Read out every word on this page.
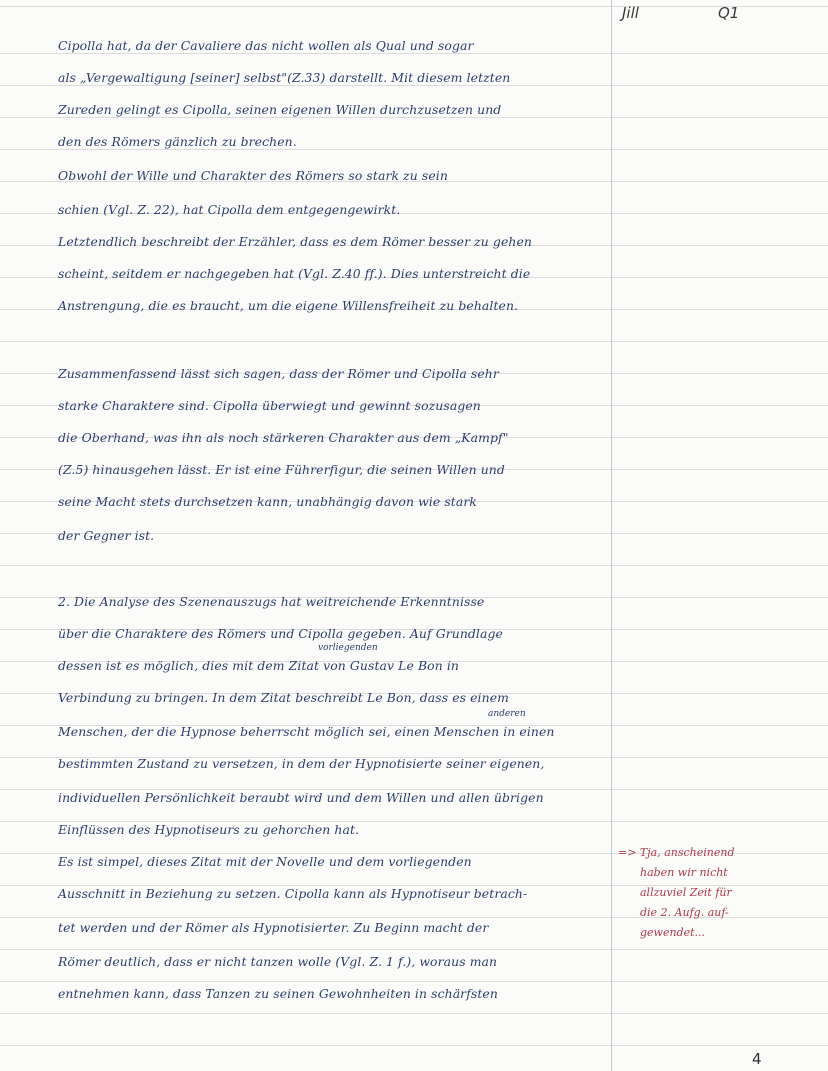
Jill	Q1
Cipolla hat, da der Cavaliere das nicht wollen als Qual und sogar
als „Vergewaltigung [seiner] selbst"(Z.33) darstellt. Mit diesem letzten
Zureden gelingt es Cipolla, seinen eigenen Willen durchzusetzen und
den des Römers gänzlich zu brechen.
Obwohl der Wille und Charakter des Römers so stark zu sein
schien (Vgl. Z. 22), hat Cipolla dem entgegengewirkt.
Letztendlich beschreibt der Erzähler, dass es dem Römer besser zu gehen
scheint, seitdem er nachgegeben hat (Vgl. Z.40 ff.). Dies unterstreicht die
Anstrengung, die es braucht, um die eigene Willensfreiheit zu behalten.
Zusammenfassend lässt sich sagen, dass der Römer und Cipolla sehr
starke Charaktere sind. Cipolla überwiegt und gewinnt sozusagen
die Oberhand, was ihn als noch stärkeren Charakter aus dem „Kampf"
(Z.5) hinausgehen lässt. Er ist eine Führerfigur, die seinen Willen und
seine Macht stets durchsetzen kann, unabhängig davon wie stark
der Gegner ist.
2. Die Analyse des Szenenauszugs hat weitreichende Erkenntnisse
über die Charaktere des Römers und Cipolla gegeben. Auf Grundlage
vorliegenden
dessen ist es möglich, dies mit dem Zitat von Gustav Le Bon in
Verbindung zu bringen. In dem Zitat beschreibt Le Bon, dass es einem
anderen
Menschen, der die Hypnose beherrscht möglich sei, einen Menschen in einen
bestimmten Zustand zu versetzen, in dem der Hypnotisierte seiner eigenen,
individuellen Persönlichkeit beraubt wird und dem Willen und allen übrigen
Einflüssen des Hypnotiseurs zu gehorchen hat.
Es ist simpel, dieses Zitat mit der Novelle und dem vorliegenden
Ausschnitt in Beziehung zu setzen. Cipolla kann als Hypnotiseur betrach-
tet werden und der Römer als Hypnotisierter. Zu Beginn macht der
Römer deutlich, dass er nicht tanzen wolle (Vgl. Z. 1 f.), woraus man
entnehmen kann, dass Tanzen zu seinen Gewohnheiten in schärfsten
=> Tja, anscheinend
haben wir nicht
allzuviel Zeit für
die 2. Aufg. auf-
gewendet...
4
